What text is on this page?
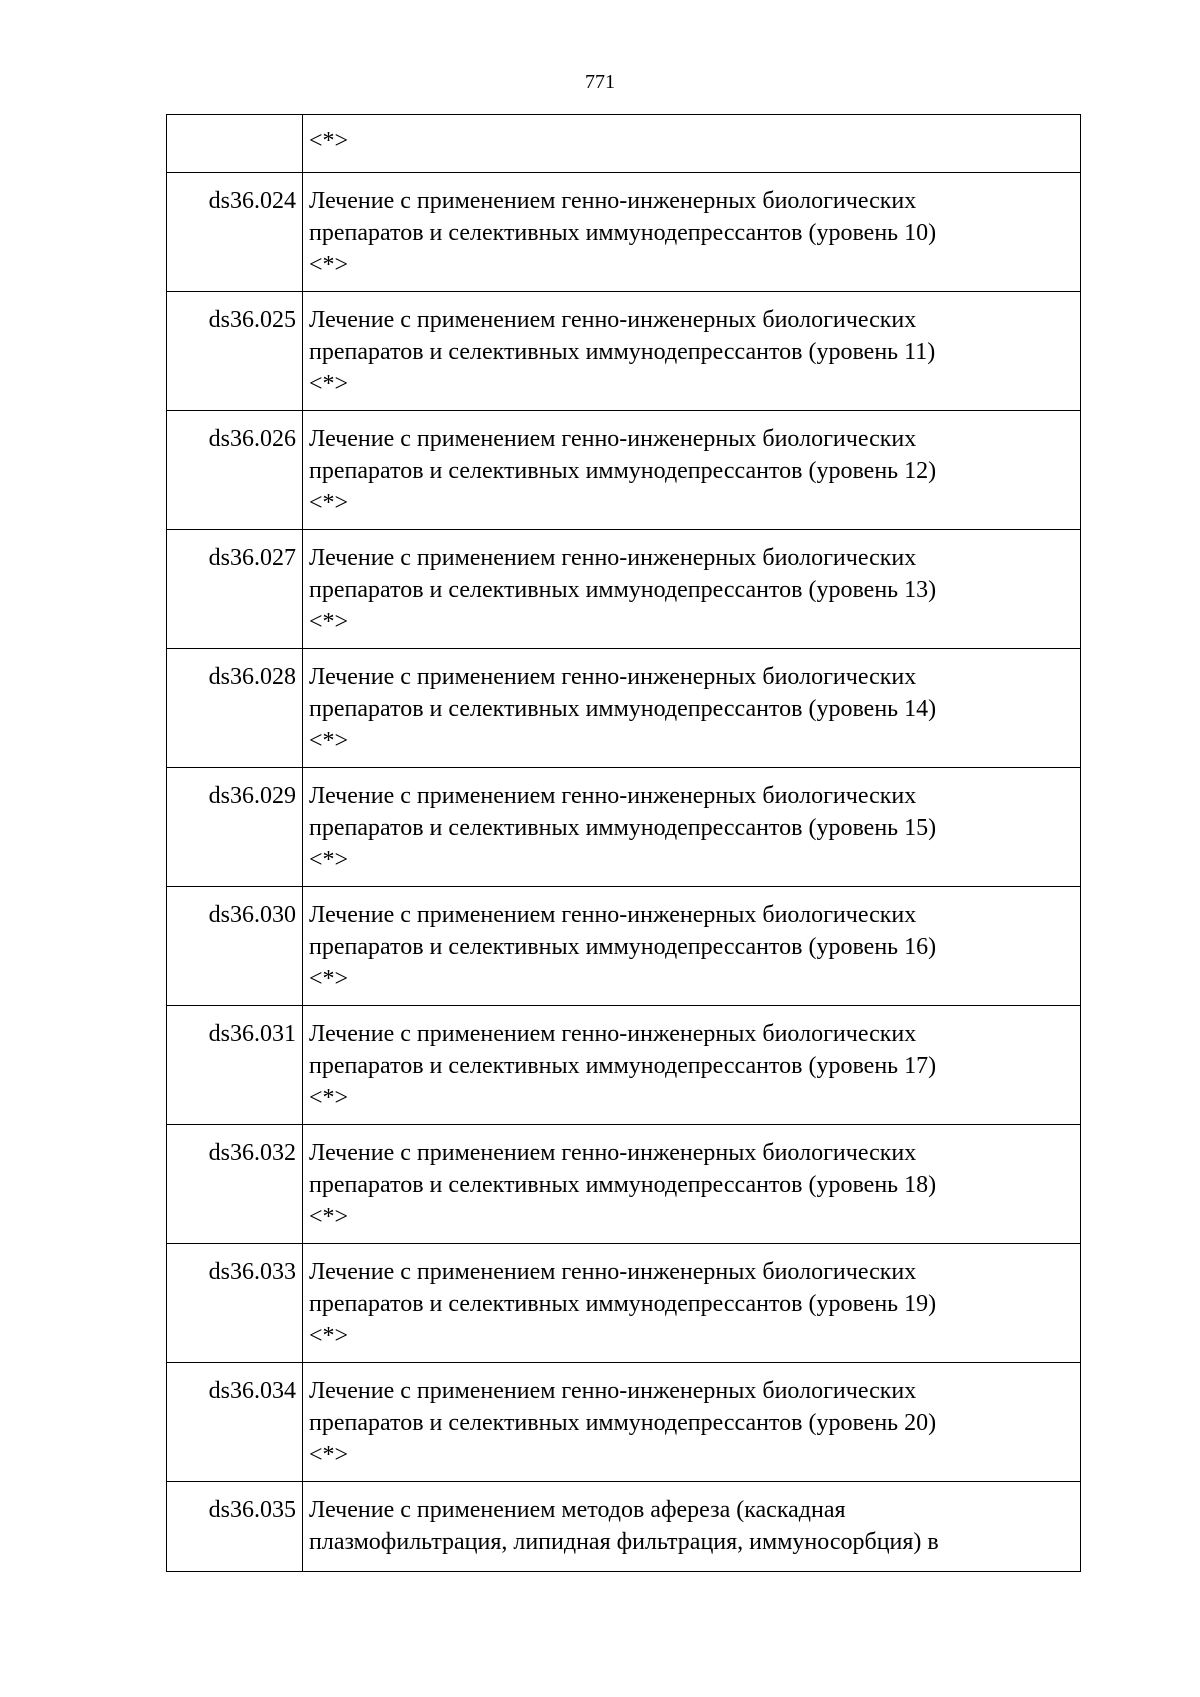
771

	<*>

ds36.024	Лечение с применением генно-инженерных биологических
препаратов и селективных иммунодепрессантов (уровень 10)
<*>

ds36.025	Лечение с применением генно-инженерных биологических
препаратов и селективных иммунодепрессантов (уровень 11)
<*>

ds36.026	Лечение с применением генно-инженерных биологических
препаратов и селективных иммунодепрессантов (уровень 12)
<*>

ds36.027	Лечение с применением генно-инженерных биологических
препаратов и селективных иммунодепрессантов (уровень 13)
<*>

ds36.028	Лечение с применением генно-инженерных биологических
препаратов и селективных иммунодепрессантов (уровень 14)
<*>

ds36.029	Лечение с применением генно-инженерных биологических
препаратов и селективных иммунодепрессантов (уровень 15)
<*>

ds36.030	Лечение с применением генно-инженерных биологических
препаратов и селективных иммунодепрессантов (уровень 16)
<*>

ds36.031	Лечение с применением генно-инженерных биологических
препаратов и селективных иммунодепрессантов (уровень 17)
<*>

ds36.032	Лечение с применением генно-инженерных биологических
препаратов и селективных иммунодепрессантов (уровень 18)
<*>

ds36.033	Лечение с применением генно-инженерных биологических
препаратов и селективных иммунодепрессантов (уровень 19)
<*>

ds36.034	Лечение с применением генно-инженерных биологических
препаратов и селективных иммунодепрессантов (уровень 20)
<*>

ds36.035	Лечение с применением методов афереза (каскадная
плазмофильтрация, липидная фильтрация, иммуносорбция) в
